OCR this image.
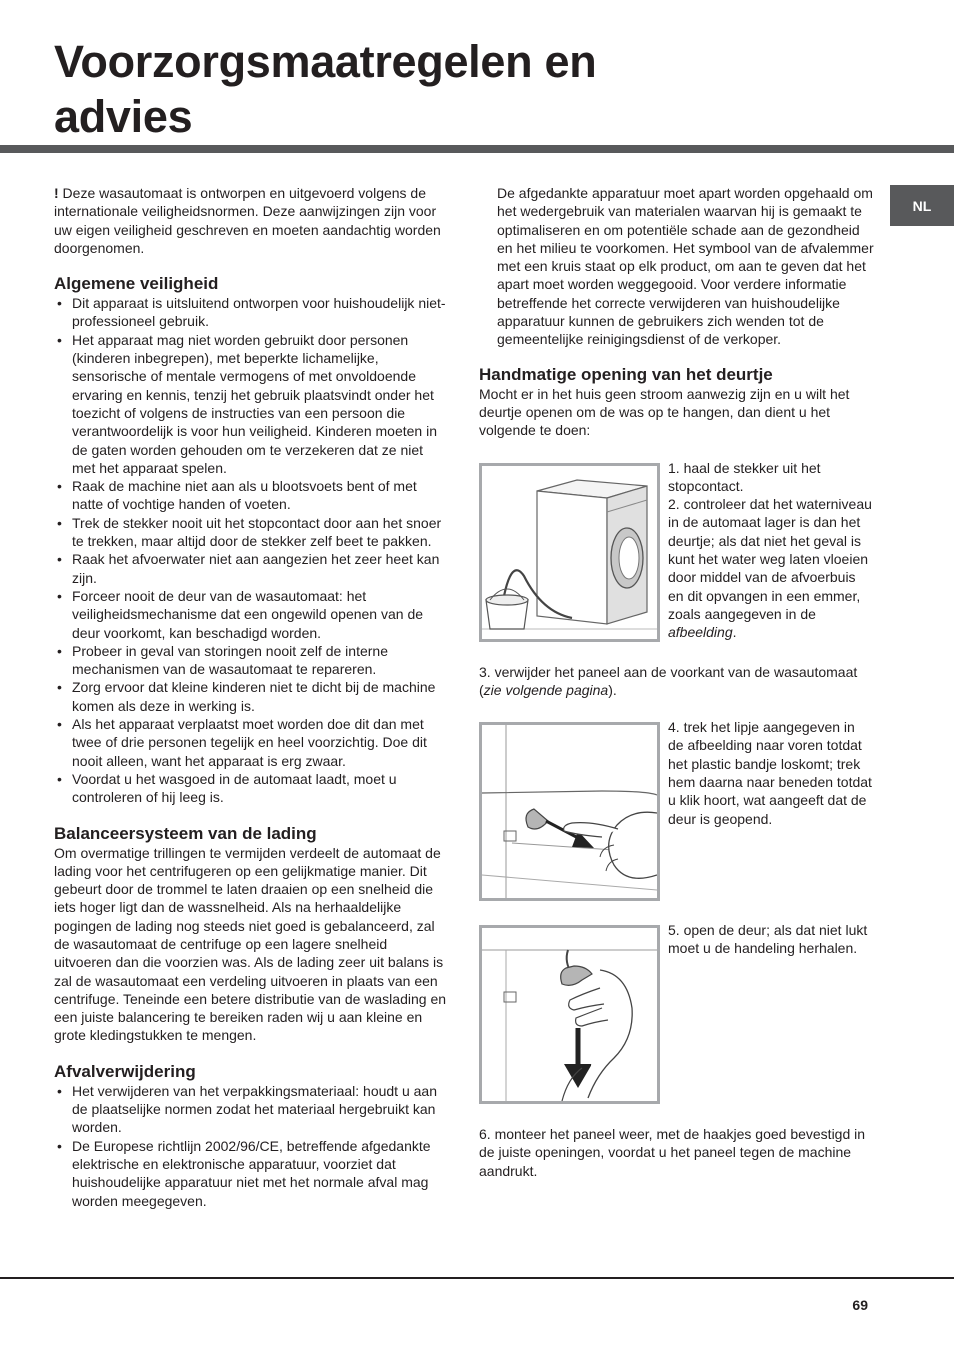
Voorzorgsmaatregelen en
advies
NL

! Deze wasautomaat is ontworpen en uitgevoerd volgens de internationale veiligheidsnormen. Deze aanwijzingen zijn voor uw eigen veiligheid geschreven en moeten aandachtig worden doorgenomen.

Algemene veiligheid
• Dit apparaat is uitsluitend ontworpen voor huishoudelijk niet-professioneel gebruik.
• Het apparaat mag niet worden gebruikt door personen (kinderen inbegrepen), met beperkte lichamelijke, sensorische of mentale vermogens of met onvoldoende ervaring en kennis, tenzij het gebruik plaatsvindt onder het toezicht of volgens de instructies van een persoon die verantwoordelijk is voor hun veiligheid. Kinderen moeten in de gaten worden gehouden om te verzekeren dat ze niet met het apparaat spelen.
• Raak de machine niet aan als u blootsvoets bent of met natte of vochtige handen of voeten.
• Trek de stekker nooit uit het stopcontact door aan het snoer te trekken, maar altijd door de stekker zelf beet te pakken.
• Raak het afvoerwater niet aan aangezien het zeer heet kan zijn.
• Forceer nooit de deur van de wasautomaat: het veiligheidsmechanisme dat een ongewild openen van de deur voorkomt, kan beschadigd worden.
• Probeer in geval van storingen nooit zelf de interne mechanismen van de wasautomaat te repareren.
• Zorg ervoor dat kleine kinderen niet te dicht bij de machine komen als deze in werking is.
• Als het apparaat verplaatst moet worden doe dit dan met twee of drie personen tegelijk en heel voorzichtig. Doe dit nooit alleen, want het apparaat is erg zwaar.
• Voordat u het wasgoed in de automaat laadt, moet u controleren of hij leeg is.
Balanceersysteem van de lading

Om overmatige trillingen te vermijden verdeelt de automaat de lading voor het centrifugeren op een gelijkmatige manier. Dit gebeurt door de trommel te laten draaien op een snelheid die iets hoger ligt dan de wassnelheid. Als na herhaaldelijke pogingen de lading nog steeds niet goed is gebalanceerd, zal de wasautomaat de centrifuge op een lagere snelheid uitvoeren dan die voorzien was. Als de lading zeer uit balans is zal de wasautomaat een verdeling uitvoeren in plaats van een centrifuge. Teneinde een betere distributie van de waslading en een juiste balancering te bereiken raden wij u aan kleine en grote kledingstukken te mengen.

Afvalverwijdering
• Het verwijderen van het verpakkingsmateriaal: houdt u aan de plaatselijke normen zodat het materiaal hergebruikt kan worden.
• De Europese richtlijn 2002/96/CE, betreffende afgedankte elektrische en elektronische apparatuur, voorziet dat huishoudelijke apparatuur niet met het normale afval mag worden meegegeven.

De afgedankte apparatuur moet apart worden opgehaald om het wedergebruik van materialen waarvan hij is gemaakt te optimaliseren en om potentiële schade aan de gezondheid en het milieu te voorkomen. Het symbool van de afvalemmer met een kruis staat op elk product, om aan te geven dat het apart moet worden weggegooid. Voor verdere informatie betreffende het correcte verwijderen van huishoudelijke apparatuur kunnen de gebruikers zich wenden tot de gemeentelijke reinigingsdienst of de verkoper.

Handmatige opening van het deurtje

Mocht er in het huis geen stroom aanwezig zijn en u wilt het deurtje openen om de was op te hangen, dan dient u het volgende te doen:

1. haal de stekker uit het stopcontact.

2. controleer dat het waterniveau in de automaat lager is dan het deurtje; als dat niet het geval is kunt het water weg laten vloeien door middel van de afvoerbuis en dit opvangen in een emmer, zoals aangegeven in de afbeelding.

3. verwijder het paneel aan de voorkant van de wasautomaat (zie volgende pagina).

4. trek het lipje aangegeven in de afbeelding naar voren totdat het plastic bandje loskomt; trek hem daarna naar beneden totdat u klik hoort, wat aangeeft dat de deur is geopend.

5. open de deur; als dat niet lukt moet u de handeling herhalen.

6. monteer het paneel weer, met de haakjes goed bevestigd in de juiste openingen, voordat u het paneel tegen de machine aandrukt.

69
